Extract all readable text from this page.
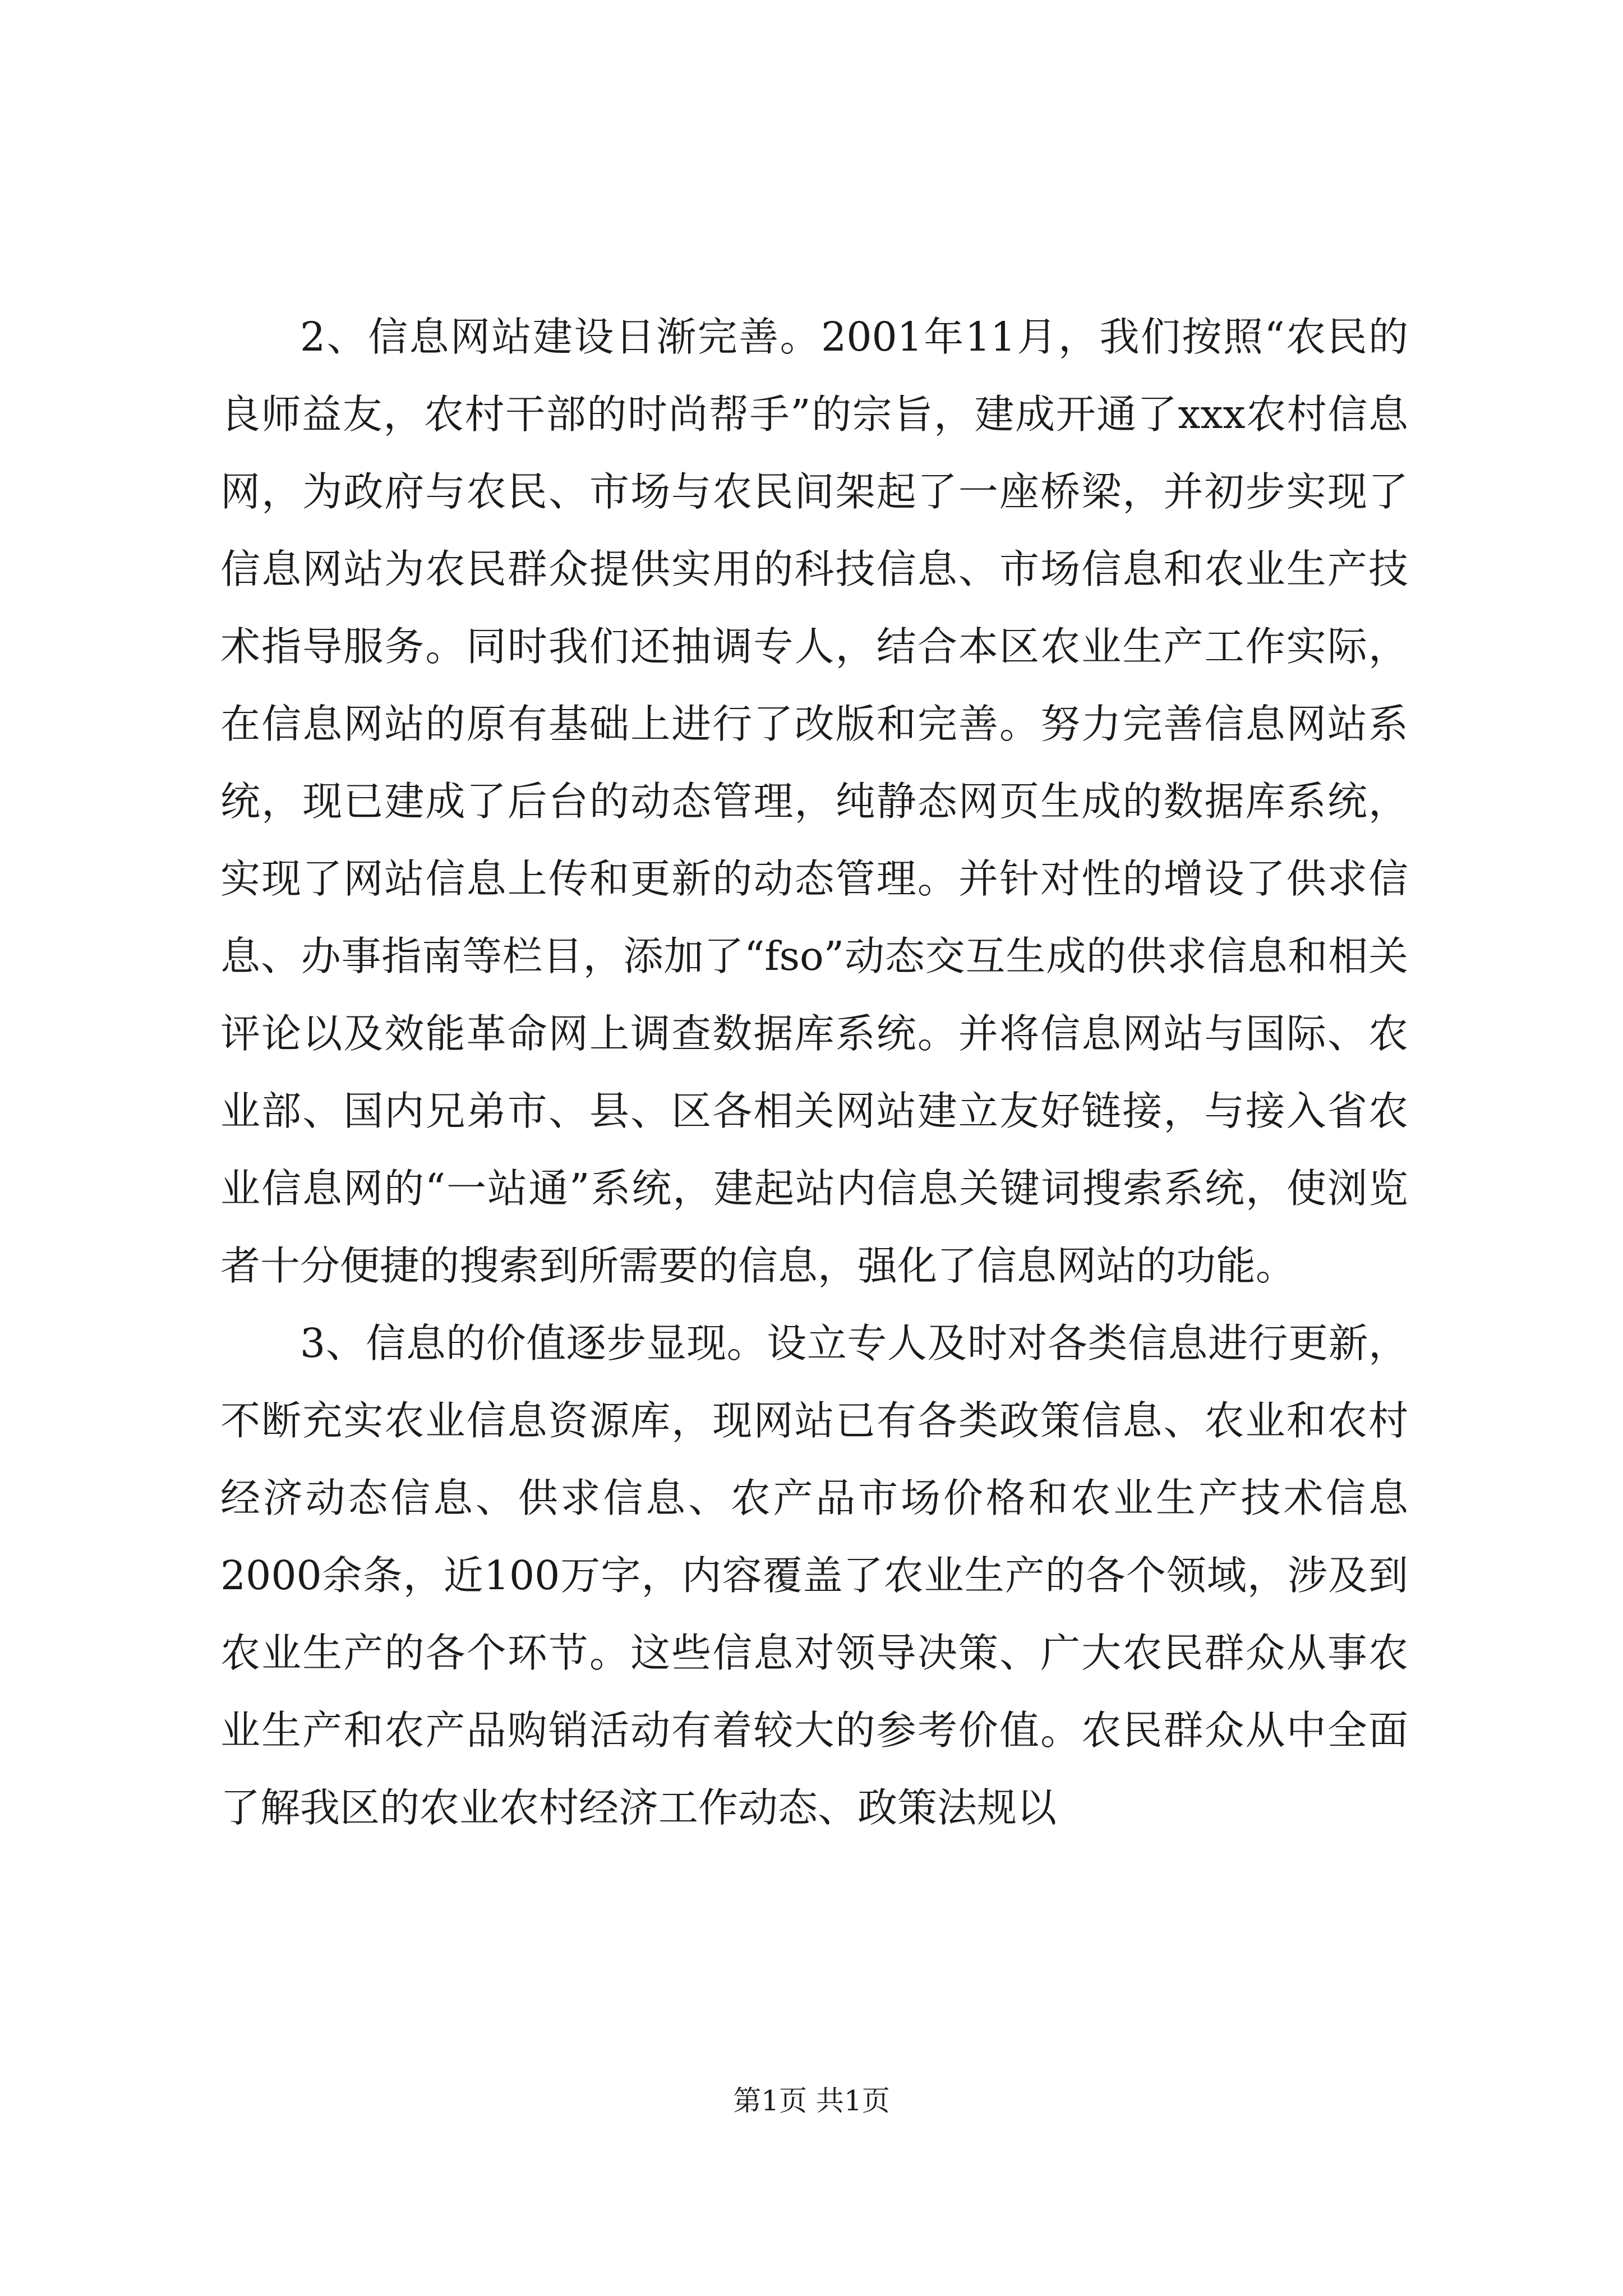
2、信息网站建设日渐完善。2001年11月，我们按照“农民的良师益友，农村干部的时尚帮手”的宗旨，建成开通了xxx农村信息网，为政府与农民、市场与农民间架起了一座桥梁，并初步实现了信息网站为农民群众提供实用的科技信息、市场信息和农业生产技术指导服务。同时我们还抽调专人，结合本区农业生产工作实际，在信息网站的原有基础上进行了改版和完善。努力完善信息网站系统，现已建成了后台的动态管理，纯静态网页生成的数据库系统，实现了网站信息上传和更新的动态管理。并针对性的增设了供求信息、办事指南等栏目，添加了“fso”动态交互生成的供求信息和相关评论以及效能革命网上调查数据库系统。并将信息网站与国际、农业部、国内兄弟市、县、区各相关网站建立友好链接，与接入省农业信息网的“一站通”系统，建起站内信息关键词搜索系统，使浏览者十分便捷的搜索到所需要的信息，强化了信息网站的功能。

3、信息的价值逐步显现。设立专人及时对各类信息进行更新，不断充实农业信息资源库，现网站已有各类政策信息、农业和农村经济动态信息、供求信息、农产品市场价格和农业生产技术信息2000余条，近100万字，内容覆盖了农业生产的各个领域，涉及到农业生产的各个环节。这些信息对领导决策、广大农民群众从事农业生产和农产品购销活动有着较大的参考价值。农民群众从中全面了解我区的农业农村经济工作动态、政策法规以

第1页 共1页
